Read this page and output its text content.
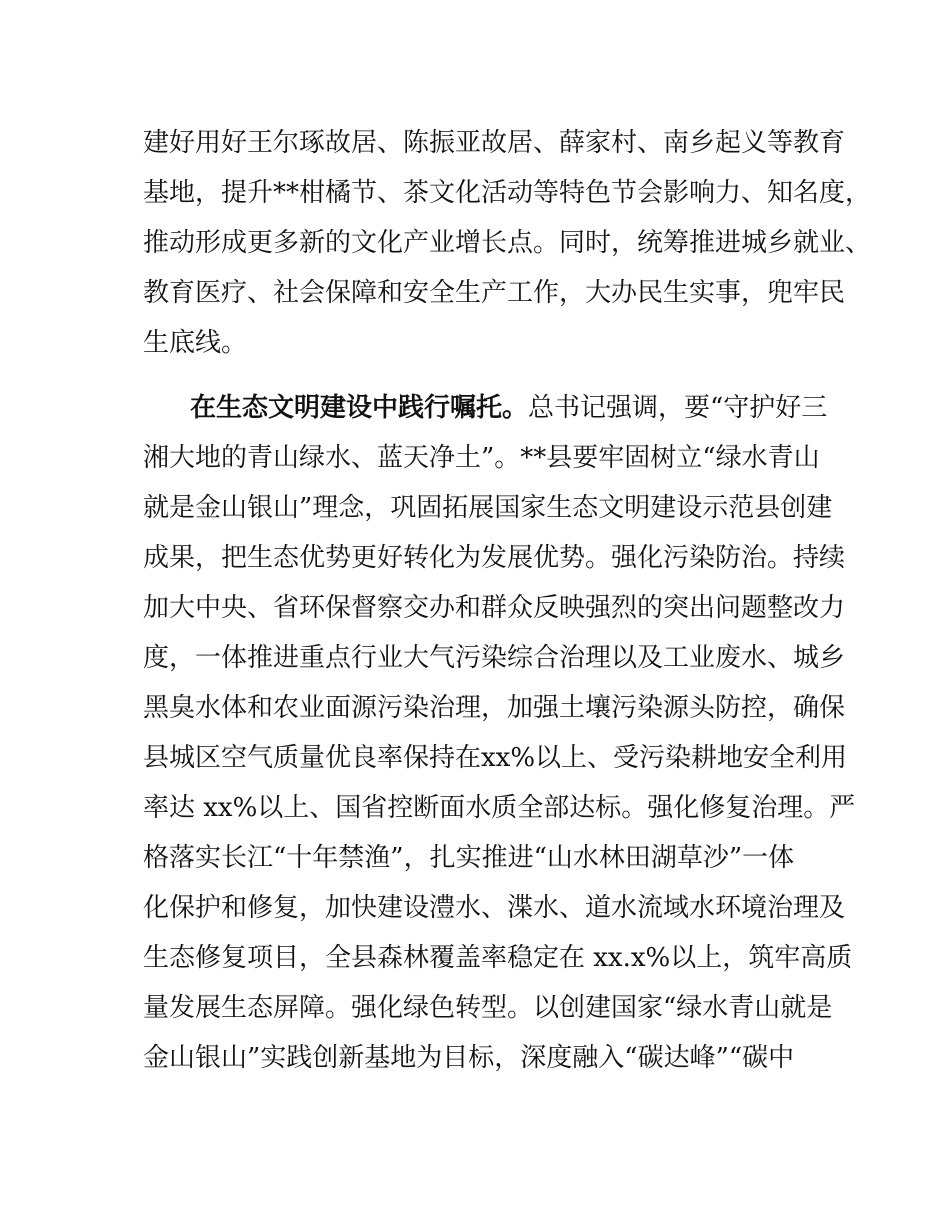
建好用好王尔琢故居、陈振亚故居、薛家村、南乡起义等教育
基地，提升**柑橘节、茶文化活动等特色节会影响力、知名度，
推动形成更多新的文化产业增长点。同时，统筹推进城乡就业、
教育医疗、社会保障和安全生产工作，大办民生实事，兜牢民
生底线。
在生态文明建设中践行嘱托。总书记强调，要“守护好三
湘大地的青山绿水、蓝天净土”。**县要牢固树立“绿水青山
就是金山银山”理念，巩固拓展国家生态文明建设示范县创建
成果，把生态优势更好转化为发展优势。强化污染防治。持续
加大中央、省环保督察交办和群众反映强烈的突出问题整改力
度，一体推进重点行业大气污染综合治理以及工业废水、城乡
黑臭水体和农业面源污染治理，加强土壤污染源头防控，确保
县城区空气质量优良率保持在xx%以上、受污染耕地安全利用
率达 xx%以上、国省控断面水质全部达标。强化修复治理。严
格落实长江“十年禁渔”，扎实推进“山水林田湖草沙”一体
化保护和修复，加快建设澧水、渫水、道水流域水环境治理及
生态修复项目，全县森林覆盖率稳定在 xx.x%以上，筑牢高质
量发展生态屏障。强化绿色转型。以创建国家“绿水青山就是
金山银山”实践创新基地为目标，深度融入“碳达峰”“碳中
